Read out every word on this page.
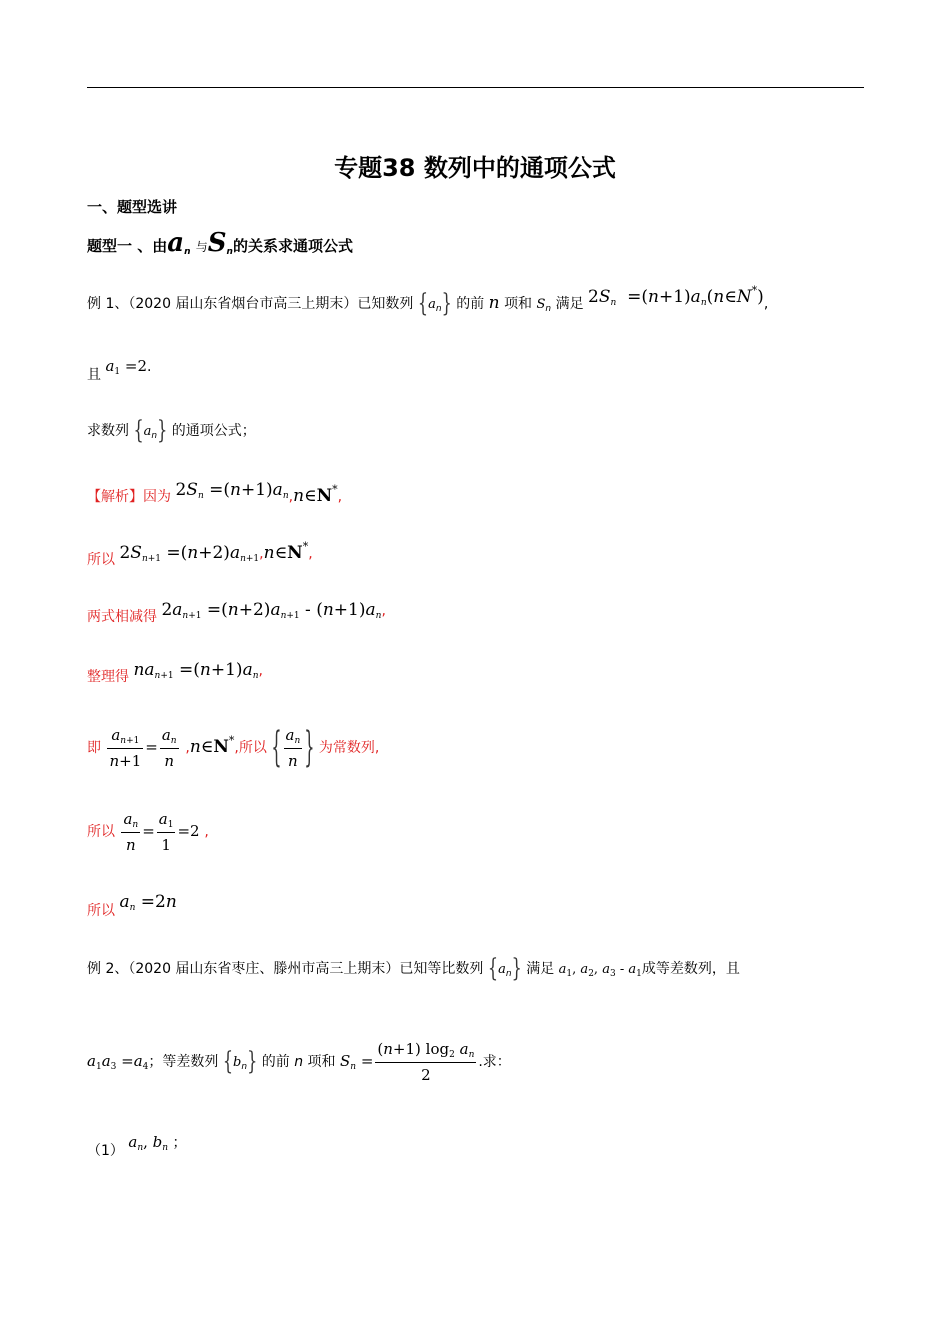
专题38 数列中的通项公式
一、题型选讲
题型一 、由$a_n$ 与$S_n$的关系求通项公式
例 1、（2020 届山东省烟台市高三上期末）已知数列 $\{a_n\}$ 的前 n 项和 $S_n$ 满足 $2S_n$  $=(n+1)a_n(n\in N^*)$,
且 $a_1 =2$.
求数列 $\{a_n\}$ 的通项公式；
【解析】因为 $2S_n$ $=(n+1)a_n,n\in N^*$,
所以 $2S_{n+1}$ $=(n+2)a_{n+1},n\in N^*$,
两式相减得 $2a_{n+1} =(n+2)a_{n+1} - (n+1)a_n$,
整理得 $na_{n+1} =(n+1)a_n$,
即 $\frac{a_{n+1}}{n+1} = \frac{a_n}{n}$ ,n∈N*,所以 { $\frac{a_n}{n}$ } 为常数列,
所以 $\frac{a_n}{n} = \frac{a_1}{1} =2$ ,
所以 $a_n =2n$
例 2、（2020 届山东省枣庄、滕州市高三上期末）已知等比数列 $\{a_n\}$ 满足 $a_1$, $a_2$, $a_3 - a_1$成等差数列，且
$a_1a_3 =a_4$；等差数列 $\{b_n\}$ 的前 n 项和 $S_n = \frac{(n+1) \log_2 a_n}{2}$ .求：
（1） $a_n$, $b_n$ ；
